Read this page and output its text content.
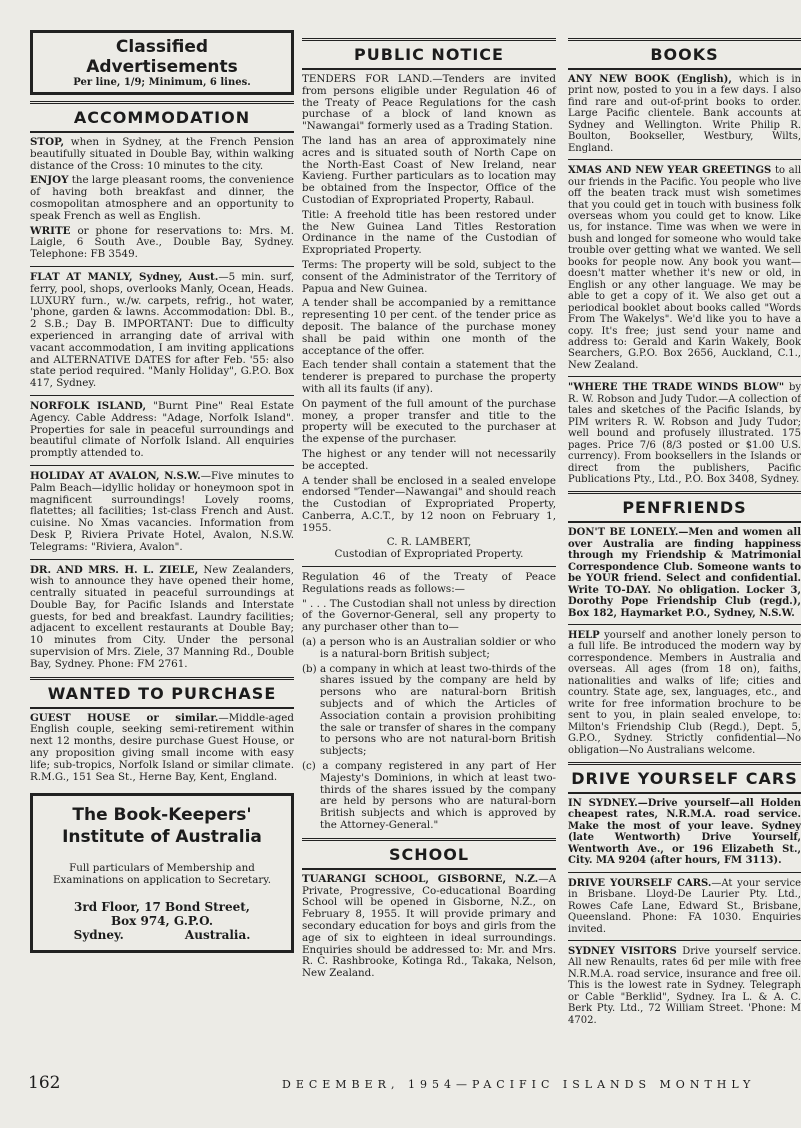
Classified Advertisements
Per line, 1/9; Minimum, 6 lines.
ACCOMMODATION

STOP, when in Sydney, at the French Pension beautifully situated in Double Bay, within walking distance of the Cross: 10 minutes to the city.

ENJOY the large pleasant rooms, the convenience of having both breakfast and dinner, the cosmopolitan atmosphere and an opportunity to speak French as well as English.

WRITE or phone for reservations to: Mrs. M. Laigle, 6 South Ave., Double Bay, Sydney. Telephone: FB 3549.

FLAT AT MANLY, Sydney, Aust.—5 min. surf, ferry, pool, shops, overlooks Manly, Ocean, Heads. LUXURY furn., w./w. carpets, refrig., hot water, 'phone, garden & lawns. Accommodation: Dbl. B., 2 S.B.; Day B. IMPORTANT: Due to difficulty experienced in arranging date of arrival with vacant accommodation, I am inviting applications and ALTERNATIVE DATES for after Feb. '55: also state period required. "Manly Holiday", G.P.O. Box 417, Sydney.

NORFOLK ISLAND, "Burnt Pine" Real Estate Agency. Cable Address: "Adage, Norfolk Island". Properties for sale in peaceful surroundings and beautiful climate of Norfolk Island. All enquiries promptly attended to.

HOLIDAY AT AVALON, N.S.W.—Five minutes to Palm Beach—idyllic holiday or honeymoon spot in magnificent surroundings! Lovely rooms, flatettes; all facilities; 1st-class French and Aust. cuisine. No Xmas vacancies. Information from Desk P, Riviera Private Hotel, Avalon, N.S.W. Telegrams: "Riviera, Avalon".

DR. AND MRS. H. L. ZIELE, New Zealanders, wish to announce they have opened their home, centrally situated in peaceful surroundings at Double Bay, for Pacific Islands and Interstate guests, for bed and breakfast. Laundry facilities; adjacent to excellent restaurants at Double Bay; 10 minutes from City. Under the personal supervision of Mrs. Ziele, 37 Manning Rd., Double Bay, Sydney. Phone: FM 2761.

WANTED TO PURCHASE

GUEST HOUSE or similar.—Middle-aged English couple, seeking semi-retirement within next 12 months, desire purchase Guest House, or any proposition giving small income with easy life; sub-tropics, Norfolk Island or similar climate. R.M.G., 151 Sea St., Herne Bay, Kent, England.

The Book-Keepers'
Institute of Australia
Full particulars of Membership and Examinations on application to Secretary.
3rd Floor, 17 Bond Street,
Box 974, G.P.O.
Sydney.	Australia.
PUBLIC NOTICE

TENDERS FOR LAND.—Tenders are invited from persons eligible under Regulation 46 of the Treaty of Peace Regulations for the cash purchase of a block of land known as "Nawangai" formerly used as a Trading Station.

The land has an area of approximately nine acres and is situated south of North Cape on the North-East Coast of New Ireland, near Kavieng. Further particulars as to location may be obtained from the Inspector, Office of the Custodian of Expropriated Property, Rabaul.

Title: A freehold title has been restored under the New Guinea Land Titles Restoration Ordinance in the name of the Custodian of Expropriated Property.

Terms: The property will be sold, subject to the consent of the Administrator of the Territory of Papua and New Guinea.

A tender shall be accompanied by a remittance representing 10 per cent. of the tender price as deposit. The balance of the purchase money shall be paid within one month of the acceptance of the offer.

Each tender shall contain a statement that the tenderer is prepared to purchase the property with all its faults (if any).

On payment of the full amount of the purchase money, a proper transfer and title to the property will be executed to the purchaser at the expense of the purchaser.

The highest or any tender will not necessarily be accepted.

A tender shall be enclosed in a sealed envelope endorsed "Tender—Nawangai" and should reach the Custodian of Expropriated Property, Canberra, A.C.T., by 12 noon on February 1, 1955.

C. R. LAMBERT,

Custodian of Expropriated Property.

Regulation 46 of the Treaty of Peace Regulations reads as follows:—

" . . . The Custodian shall not unless by direction of the Governor-General, sell any property to any purchaser other than to—

(a) a person who is an Australian soldier or who is a natural-born British subject;

(b) a company in which at least two-thirds of the shares issued by the company are held by persons who are natural-born British subjects and of which the Articles of Association contain a provision prohibiting the sale or transfer of shares in the company to persons who are not natural-born British subjects;

(c) a company registered in any part of Her Majesty's Dominions, in which at least two-thirds of the shares issued by the company are held by persons who are natural-born British subjects and which is approved by the Attorney-General."

SCHOOL

TUARANGI SCHOOL, GISBORNE, N.Z.—A Private, Progressive, Co-educational Boarding School will be opened in Gisborne, N.Z., on February 8, 1955. It will provide primary and secondary education for boys and girls from the age of six to eighteen in ideal surroundings. Enquiries should be addressed to: Mr. and Mrs. R. C. Rashbrooke, Kotinga Rd., Takaka, Nelson, New Zealand.

BOOKS

ANY NEW BOOK (English), which is in print now, posted to you in a few days. I also find rare and out-of-print books to order. Large Pacific clientele. Bank accounts at Sydney and Wellington. Write Philip R. Boulton, Bookseller, Westbury, Wilts, England.

XMAS AND NEW YEAR GREETINGS to all our friends in the Pacific. You people who live off the beaten track must wish sometimes that you could get in touch with business folk overseas whom you could get to know. Like us, for instance. Time was when we were in bush and longed for someone who would take trouble over getting what we wanted. We sell books for people now. Any book you want—doesn't matter whether it's new or old, in English or any other language. We may be able to get a copy of it. We also get out a periodical booklet about books called "Words From The Wakelys". We'd like you to have a copy. It's free; just send your name and address to: Gerald and Karin Wakely, Book Searchers, G.P.O. Box 2656, Auckland, C.1., New Zealand.

"WHERE THE TRADE WINDS BLOW" by R. W. Robson and Judy Tudor.—A collection of tales and sketches of the Pacific Islands, by PIM writers R. W. Robson and Judy Tudor; well bound and profusely illustrated. 175 pages. Price 7/6 (8/3 posted or $1.00 U.S. currency). From booksellers in the Islands or direct from the publishers, Pacific Publications Pty., Ltd., P.O. Box 3408, Sydney.

PENFRIENDS

DON'T BE LONELY.—Men and women all over Australia are finding happiness through my Friendship & Matrimonial Correspondence Club. Someone wants to be YOUR friend. Select and confidential. Write TO-DAY. No obligation. Locker 3, Dorothy Pope Friendship Club (regd.), Box 182, Haymarket P.O., Sydney, N.S.W.

HELP yourself and another lonely person to a full life. Be introduced the modern way by correspondence. Members in Australia and overseas. All ages (from 18 on), faiths, nationalities and walks of life; cities and country. State age, sex, languages, etc., and write for free information brochure to be sent to you, in plain sealed envelope, to: Milton's Friendship Club (Regd.), Dept. 5, G.P.O., Sydney. Strictly confidential—No obligation—No Australians welcome.

DRIVE YOURSELF CARS

IN SYDNEY.—Drive yourself—all Holden cheapest rates, N.R.M.A. road service. Make the most of your leave. Sydney (late Wentworth) Drive Yourself, Wentworth Ave., or 196 Elizabeth St., City. MA 9204 (after hours, FM 3113).

DRIVE YOURSELF CARS.—At your service in Brisbane. Lloyd-De Laurier Pty. Ltd., Rowes Cafe Lane, Edward St., Brisbane, Queensland. Phone: FA 1030. Enquiries invited.

SYDNEY VISITORS Drive yourself service. All new Renaults, rates 6d per mile with free N.R.M.A. road service, insurance and free oil. This is the lowest rate in Sydney. Telegraph or Cable "Berklid", Sydney. Ira L. & A. C. Berk Pty. Ltd., 72 William Street. 'Phone: M 4702.

162	DECEMBER, 1954—PACIFIC ISLANDS MONTHLY
